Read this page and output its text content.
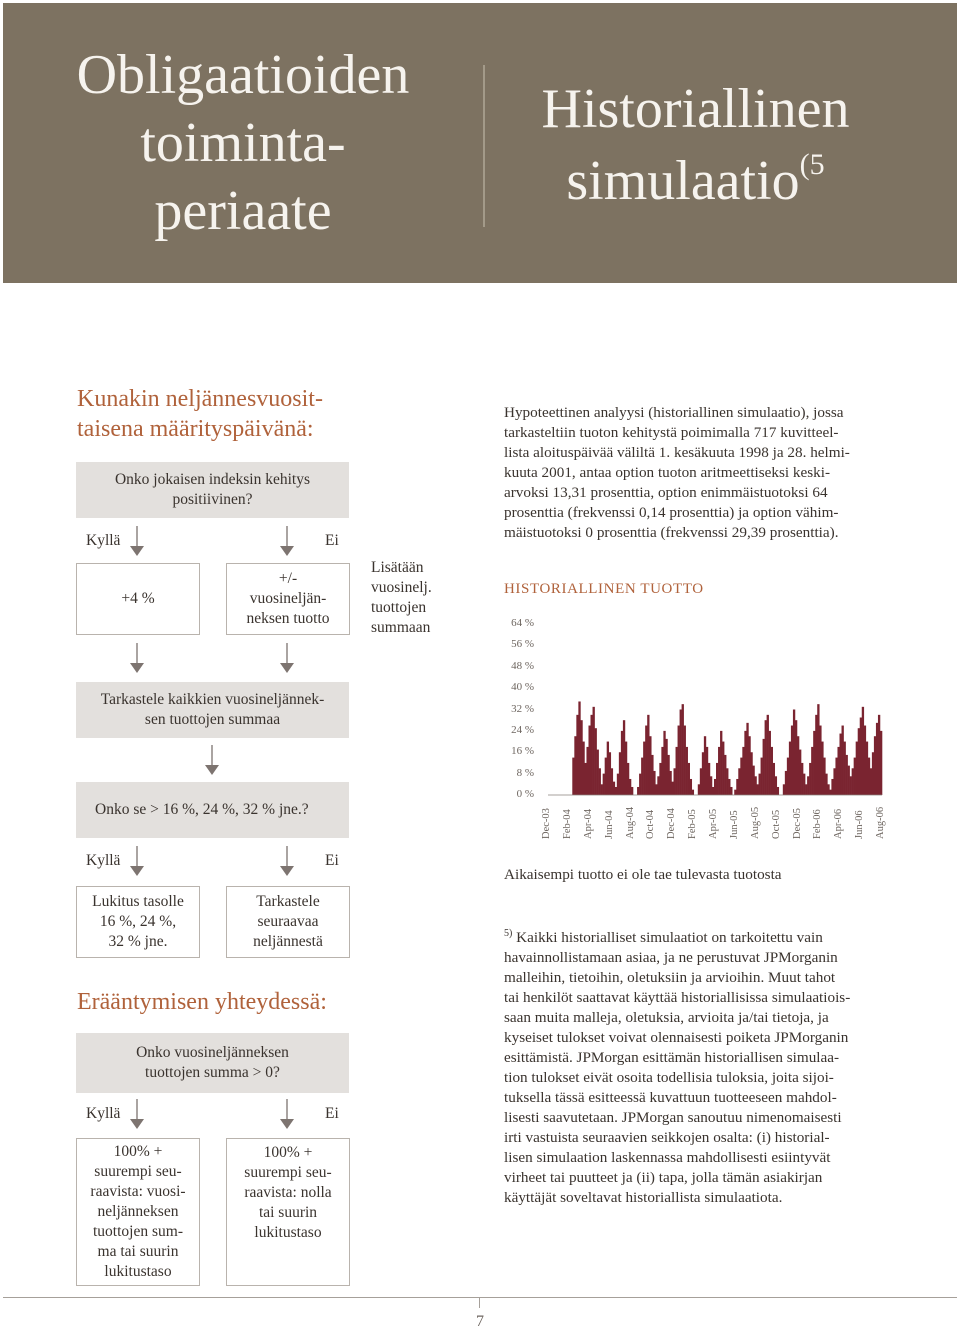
Obligaatioiden
toiminta-
periaate
Historiallinen
simulaatio$^{(5}$
Kunakin neljännesvuosit-
taisena määrityspäivänä:
Onko jokaisen indeksin kehitys
positiivinen?
Kyllä	Ei
+4 %
+/-
vuosineljän-
neksen tuotto
Lisätään
vuosinelj.
tuottojen
summaan
Tarkastele kaikkien vuosineljännek-
sen tuottojen summaa
Onko se > 16 %, 24 %, 32 % jne.?
Kyllä	Ei
Lukitus tasolle
16 %, 24 %,
32 % jne.
Tarkastele
seuraavaa
neljännestä
Erääntymisen yhteydessä:
Onko vuosineljänneksen
tuottojen summa > 0?
Kyllä	Ei
100% +
suurempi seu-
raavista: vuosi-
neljänneksen
tuottojen sum-
ma tai suurin
lukitustaso
100% +
suurempi seu-
raavista: nolla
tai suurin
lukitustaso
Hypoteettinen analyysi (historiallinen simulaatio), jossa
tarkasteltiin tuoton kehitystä poimimalla 717 kuvitteel-
lista aloituspäivää väliltä 1. kesäkuuta 1998 ja 28. helmi-
kuuta 2001, antaa option tuoton aritmeettiseksi keski-
arvoksi 13,31 prosenttia, option enimmäistuotoksi 64
prosenttia (frekvenssi 0,14 prosenttia) ja option vähim-
mäistuotoksi 0 prosenttia (frekvenssi 29,39 prosenttia).
HISTORIALLINEN TUOTTO
0 %
8 %
16 %
24 %
32 %
40 %
48 %
56 %
64 %
Dec-03 Feb-04 Apr-04 Jun-04 Aug-04 Oct-04 Dec-04 Feb-05 Apr-05 Jun-05 Aug-05 Oct-05 Dec-05 Feb-06 Apr-06 Jun-06 Aug-06
Aikaisempi tuotto ei ole tae tulevasta tuotosta
$^{5)}$ Kaikki historialliset simulaatiot on tarkoitettu vain
havainnollistamaan asiaa, ja ne perustuvat JPMorganin
malleihin, tietoihin, oletuksiin ja arvioihin. Muut tahot
tai henkilöt saattavat käyttää historiallisissa simulaatiois-
saan muita malleja, oletuksia, arvioita ja/tai tietoja, ja
kyseiset tulokset voivat olennaisesti poiketa JPMorganin
esittämistä. JPMorgan esittämän historiallisen simulaa-
tion tulokset eivät osoita todellisia tuloksia, joita sijoi-
tuksella tässä esitteessä kuvattuun tuotteeseen mahdol-
lisesti saavutetaan. JPMorgan sanoutuu nimenomaisesti
irti vastuista seuraavien seikkojen osalta: (i) historial-
lisen simulaation laskennassa mahdollisesti esiintyvät
virheet tai puutteet ja (ii) tapa, jolla tämän asiakirjan
käyttäjät soveltavat historiallista simulaatiota.
7
